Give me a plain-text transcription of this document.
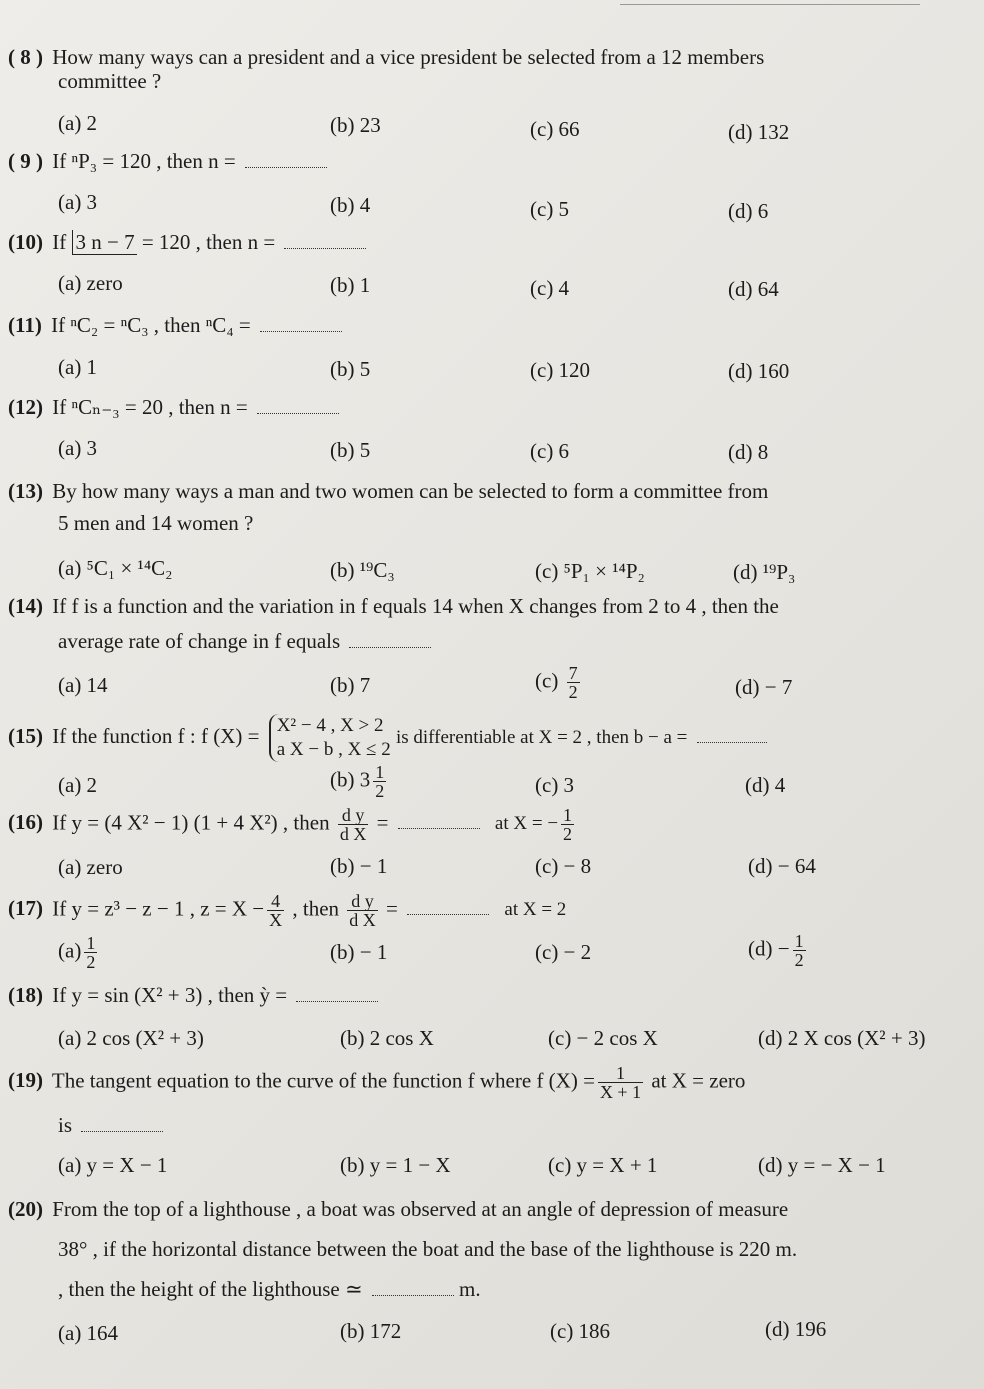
( 8 ) How many ways can a president and a vice president be selected from a 12 members
committee ?
(a) 2	(b) 23	(c) 66	(d) 132
( 9 ) If ⁿP₃ = 120 , then n =
(a) 3	(b) 4	(c) 5	(d) 6
(10) If 3 n − 7 = 120 , then n =
(a) zero	(b) 1	(c) 4	(d) 64
(11) If ⁿC₂ = ⁿC₃ , then ⁿC₄ =
(a) 1	(b) 5	(c) 120	(d) 160
(12) If ⁿCₙ₋₃ = 20 , then n =
(a) 3	(b) 5	(c) 6	(d) 8
(13) By how many ways a man and two women can be selected to form a committee from
5 men and 14 women ?
(a) ⁵C₁ × ¹⁴C₂	(b) ¹⁹C₃	(c) ⁵P₁ × ¹⁴P₂	(d) ¹⁹P₃
(14) If f is a function and the variation in f equals 14 when X changes from 2 to 4 , then the
average rate of change in f equals
(a) 14	(b) 7	$(c) \frac{7}{2}$	(d) − 7
(15) If the function f : f (X) = X² − 4 , X > 2
a X − b , X ≤ 2
is differentiable at X = 2 , then b − a =
(a) 2	(b) $3 \frac{1}{2}$	(c) 3	(d) 4
(16) If y = (4 X² − 1) (1 + 4 X²) , then $\frac{\text{d y}}{\text{d X}}$ =	at X = − $\frac{1}{2}$
(a) zero	(b) − 1	(c) − 8	(d) − 64
(17) If y = z³ − z − 1 , $z = X - \frac{4}{X}$ , then $\frac{\text{d y}}{\text{d X}}$ =	at X = 2
$(a) \frac{1}{2}$	(b) − 1	(c) − 2	$(d) - \frac{1}{2}$
(18) If y = sin (X² + 3) , then ỳ =
(a) 2 cos (X² + 3)	(b) 2 cos X	(c) − 2 cos X	(d) 2 X cos (X² + 3)
(19) The tangent equation to the curve of the function f where f $(X) = \frac{1}{X + 1}$ at X = zero
is
(a) y = X − 1	(b) y = 1 − X	(c) y = X + 1	(d) y = − X − 1
(20) From the top of a lighthouse , a boat was observed at an angle of depression of measure
38° , if the horizontal distance between the boat and the base of the lighthouse is 220 m.
, then the height of the lighthouse ≃	m.
(a) 164	(b) 172	(c) 186	(d) 196
